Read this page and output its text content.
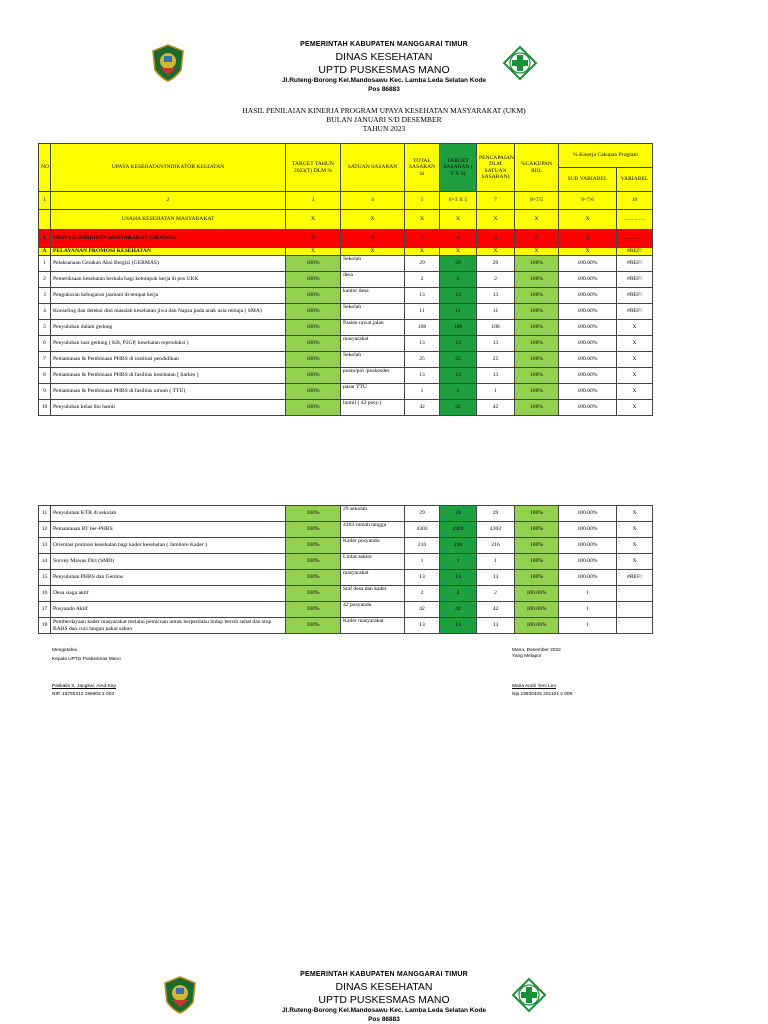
PEMERINTAH KABUPATEN MANGGARAI TIMUR
DINAS KESEHATAN
UPTD PUSKESMAS MANO
Jl.Ruteng-Borong Kel.Mandosawu Kec. Lamba Leda Selatan Kode
Pos 86883
HASIL PENILAIAN KINERJA PROGRAM UPAYA KESEHATAN MASYARAKAT (UKM)
BULAN JANUARI S/D DESEMBER
TAHUN 2023
NO	UPAYA KESEHATAN/INDIKATOR KEGIATAN	TARGET TAHUN 2023(T) DLM %	SATUAN SASARAN	TOTAL SASARAN Si	TARGET SASARAN ( T X S)	PENCAPAIAN DLM SATUAN SASARAN)	%CAKUPAN RIIL	% Kinerja Cakupan Program	
								SUB VARIABEL	VARIABEL
1	2	3	4	5	6=3 X 5	7	8=7/5	9=7/6	10
	USAHA KESEHATAN MASYARAKAT	X	X	X	X	X	X	X	................
I	UPAYA KESEHATAN MASYARAKAT ESENSIAL	X	X	X	X	X	X	X	................
A	PELAYANAN PROMOSI KESEHATAN	X	X	X	X	X	X	X	#REF!
1	Pelaksanaan Gerakan Aksi Bergizi (GERMAS)	100%	Sekolah	29	29	29	100%	100.00%	#REF!
2	Pemeriksaan kesehatan berkala bagi kelompok kerja di pos UKK	100%	desa	2	2	2	100%	100.00%	#REF!
3	Pengukuran kebugaran jasmani di tempat kerja	100%	kantor desa	13	13	13	100%	100.00%	#REF!
4	Konseling dan deteksi dini masalah kesehatan jiwa dan Napza pada anak usia remaja ( SMA)	100%	Sekolah	11	11	11	100%	100.00%	#REF!
5	Penyuluhan dalam gedung	100%	Pasien rawat jalan	108	108	108	100%	100.00%	X
6	Penyuluhan luar gedung ( KB, P2GP, kesehatan reproduksi )	100%	masyarakat	13	13	13	100%	100.00%	X
7	Pemantauan & Pembinaan PHBS di institusi pendidikan	100%	Sekolah	25	25	25	100%	100.00%	X
8	Pemantauan & Pembinaan PHBS di fasilitas kesehatan [ Sarkes ]	100%	pustu/pol /poskesdes	13	13	13	100%	100.00%	X
9	Pemantauan & Pembinaan PHBS di fasilitas umum ( TTU)	100%	pasar TTU	1	1	1	100%	100.00%	X
10	Penyuluhan kelas ibu hamil	100%	bumil ( 42 posy.)	42	42	42	100%	100.00%	X
11	Penyuluhan KTR di sekolah	100%	29 sekolah	29	29	29	100%	100.00%	X
12	Pemantauan RT ber-PHBS	100%	4303 rumah tangga	4303	4303	4303	100%	100.00%	X
13	Orientasi promosi kesehatan bagi kader kesehatan ( Jambore Kader )	100%	Kader posyandu	216	216	216	100%	100.00%	X
14	Survey Mawas Diri (SMD)	100%	Lintas sektor	1	1	1	100%	100.00%	X
15	Penyuluhan PHBS dan Germas	100%	masyarakat	13	13	13	100%	100.00%	#REF!
16	Desa siaga aktif	100%	Staf desa dan kader	2	2	2	100.00%	1	
17	Posyandu Aktif	100%	42 posyandu	42	42	42	100.00%	1	
18	Pemberdayaan kader masyarakat melalui pemicuan untuk berperilaku hidup bersih sehat dan stop BABS dan cuci tangan pakai sabun	100%	Kader masyarakat	13	13	13	100.00%	1	
Mengetahui
Kepala UPTD Puskesmas Mano
Paskalis S. Jangkar, Amd.Kep
NIP. 19790412 199903 1 003
Mano, Desember 2022
Yang Melapor
Maria Andri Yeni Leo
Nip.19830405 201101 2 009
PEMERINTAH KABUPATEN MANGGARAI TIMUR
DINAS KESEHATAN
UPTD PUSKESMAS MANO
Jl.Ruteng-Borong Kel.Mandosawu Kec. Lamba Leda Selatan Kode
Pos 86883
